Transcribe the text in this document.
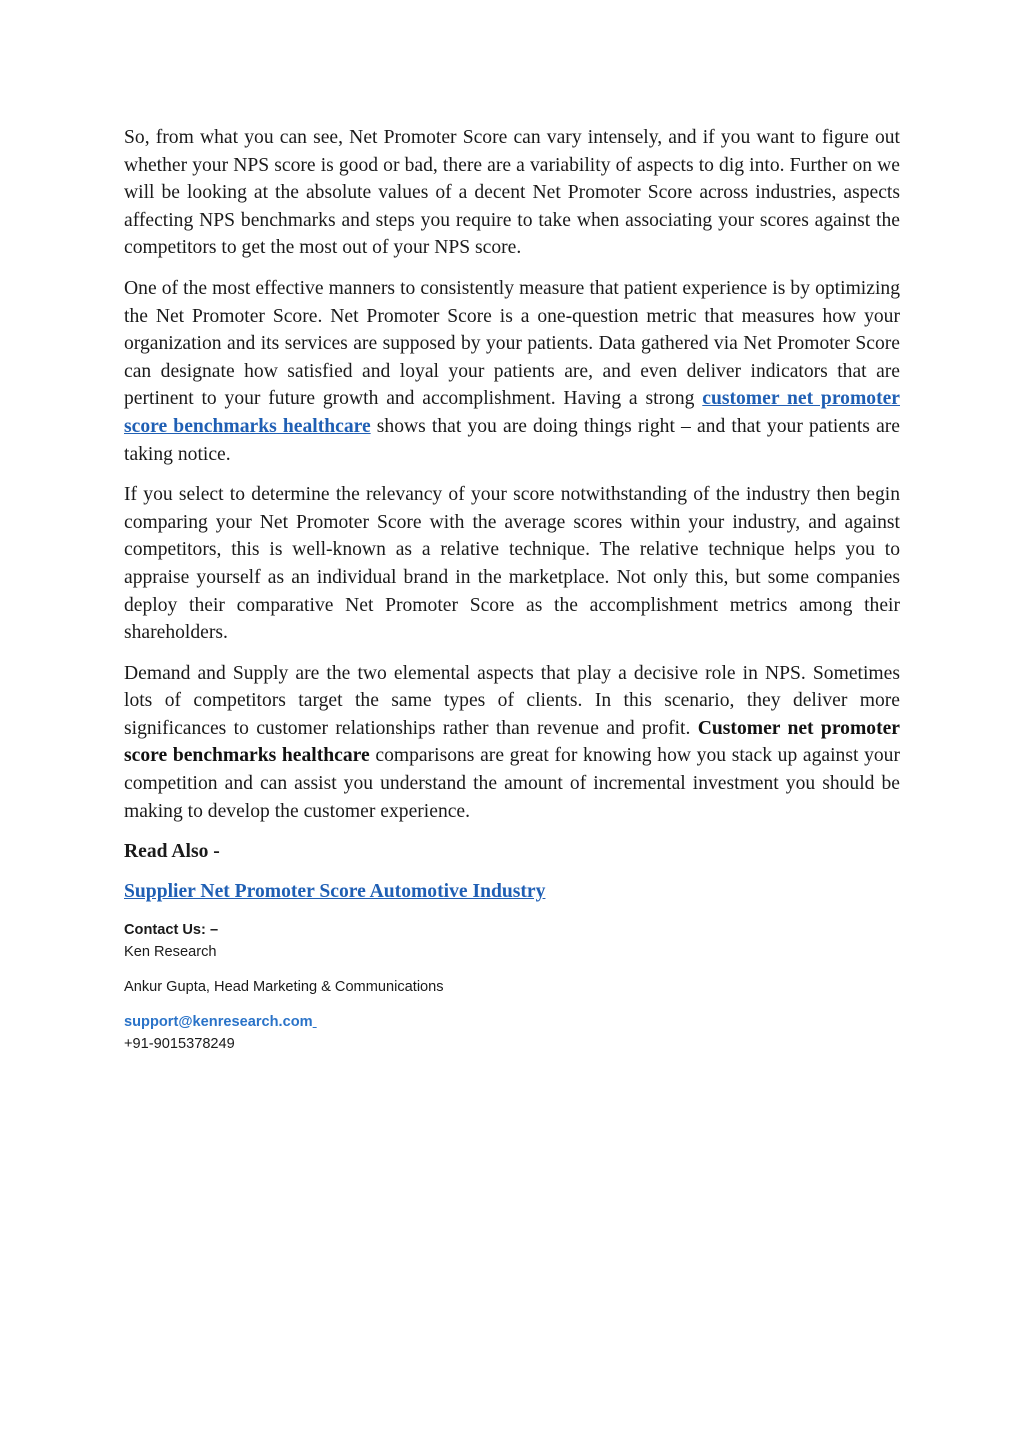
So, from what you can see, Net Promoter Score can vary intensely, and if you want to figure out whether your NPS score is good or bad, there are a variability of aspects to dig into. Further on we will be looking at the absolute values of a decent Net Promoter Score across industries, aspects affecting NPS benchmarks and steps you require to take when associating your scores against the competitors to get the most out of your NPS score.

One of the most effective manners to consistently measure that patient experience is by optimizing the Net Promoter Score. Net Promoter Score is a one-question metric that measures how your organization and its services are supposed by your patients. Data gathered via Net Promoter Score can designate how satisfied and loyal your patients are, and even deliver indicators that are pertinent to your future growth and accomplishment. Having a strong customer net promoter score benchmarks healthcare shows that you are doing things right – and that your patients are taking notice.

If you select to determine the relevancy of your score notwithstanding of the industry then begin comparing your Net Promoter Score with the average scores within your industry, and against competitors, this is well-known as a relative technique. The relative technique helps you to appraise yourself as an individual brand in the marketplace. Not only this, but some companies deploy their comparative Net Promoter Score as the accomplishment metrics among their shareholders.

Demand and Supply are the two elemental aspects that play a decisive role in NPS. Sometimes lots of competitors target the same types of clients. In this scenario, they deliver more significances to customer relationships rather than revenue and profit. Customer net promoter score benchmarks healthcare comparisons are great for knowing how you stack up against your competition and can assist you understand the amount of incremental investment you should be making to develop the customer experience.

Read Also -
Supplier Net Promoter Score Automotive Industry
Contact Us: –
Ken Research
Ankur Gupta, Head Marketing & Communications
support@kenresearch.com
+91-9015378249
